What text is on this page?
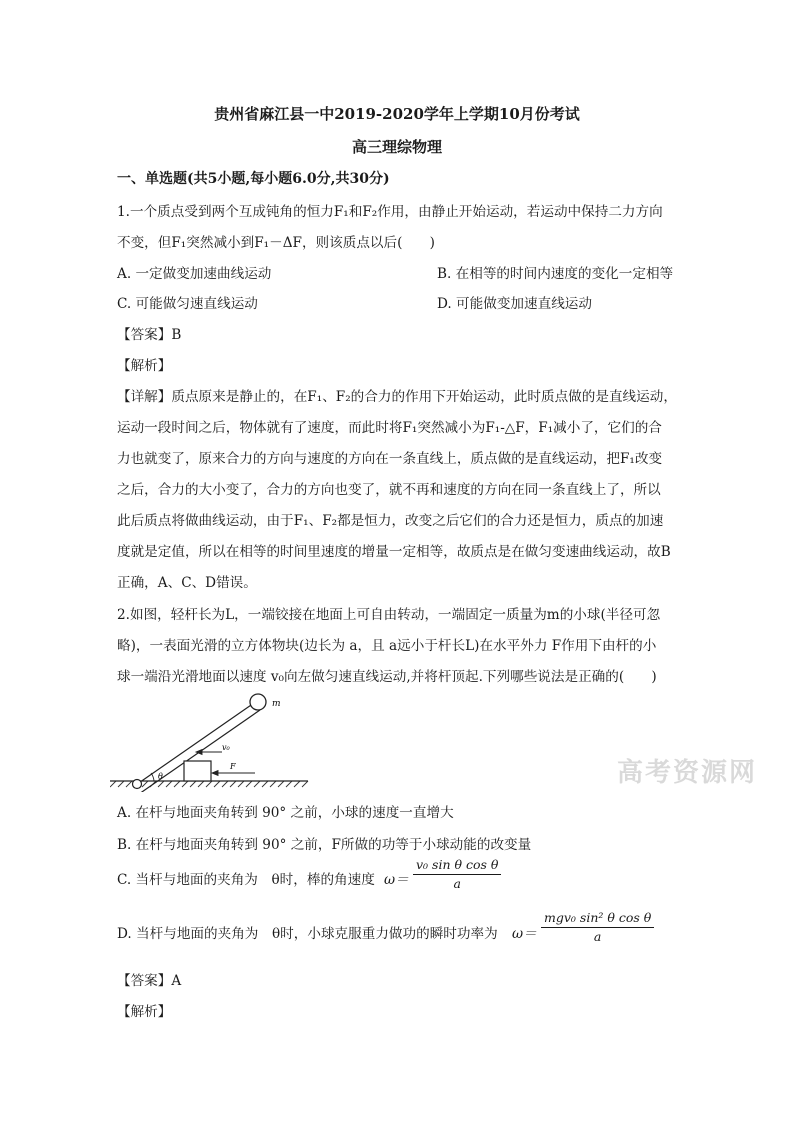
贵州省麻江县一中2019-2020学年上学期10月份考试
高三理综物理
一、单选题(共5小题,每小题6.0分,共30分)
1.一个质点受到两个互成钝角的恒力F₁和F₂作用，由静止开始运动，若运动中保持二力方向
不变，但F₁突然减小到F₁－ΔF，则该质点以后(　　)
A. 一定做变加速曲线运动	B. 在相等的时间内速度的变化一定相等
C. 可能做匀速直线运动	D. 可能做变加速直线运动
【答案】B
【解析】
【详解】质点原来是静止的，在F₁、F₂的合力的作用下开始运动，此时质点做的是直线运动，
运动一段时间之后，物体就有了速度，而此时将F₁突然减小为F₁-△F，F₁减小了，它们的合
力也就变了，原来合力的方向与速度的方向在一条直线上，质点做的是直线运动，把F₁改变
之后，合力的大小变了，合力的方向也变了，就不再和速度的方向在同一条直线上了，所以
此后质点将做曲线运动，由于F₁、F₂都是恒力，改变之后它们的合力还是恒力，质点的加速
度就是定值，所以在相等的时间里速度的增量一定相等，故质点是在做匀变速曲线运动，故B
正确，A、C、D错误。
2.如图，轻杆长为L，一端铰接在地面上可自由转动，一端固定一质量为m的小球(半径可忽
略)，一表面光滑的立方体物块(边长为 a，且 a远小于杆长L)在水平外力 F作用下由杆的小
球一端沿光滑地面以速度 v₀向左做匀速直线运动,并将杆顶起.下列哪些说法是正确的(　　)
m
v₀
F
θ	高考资源网
A. 在杆与地面夹角转到 90° 之前，小球的速度一直增大
B. 在杆与地面夹角转到 90° 之前，F所做的功等于小球动能的改变量
C. 当杆与地面的夹角为　θ时，棒的角速度 $\omega= \frac{\text{v₀ sin θ cos θ}}{a}$
D. 当杆与地面的夹角为　θ时，小球克服重力做功的瞬时功率为 ω＝
mgv₀ sin² θ cos θ
a
【答案】A
【解析】
